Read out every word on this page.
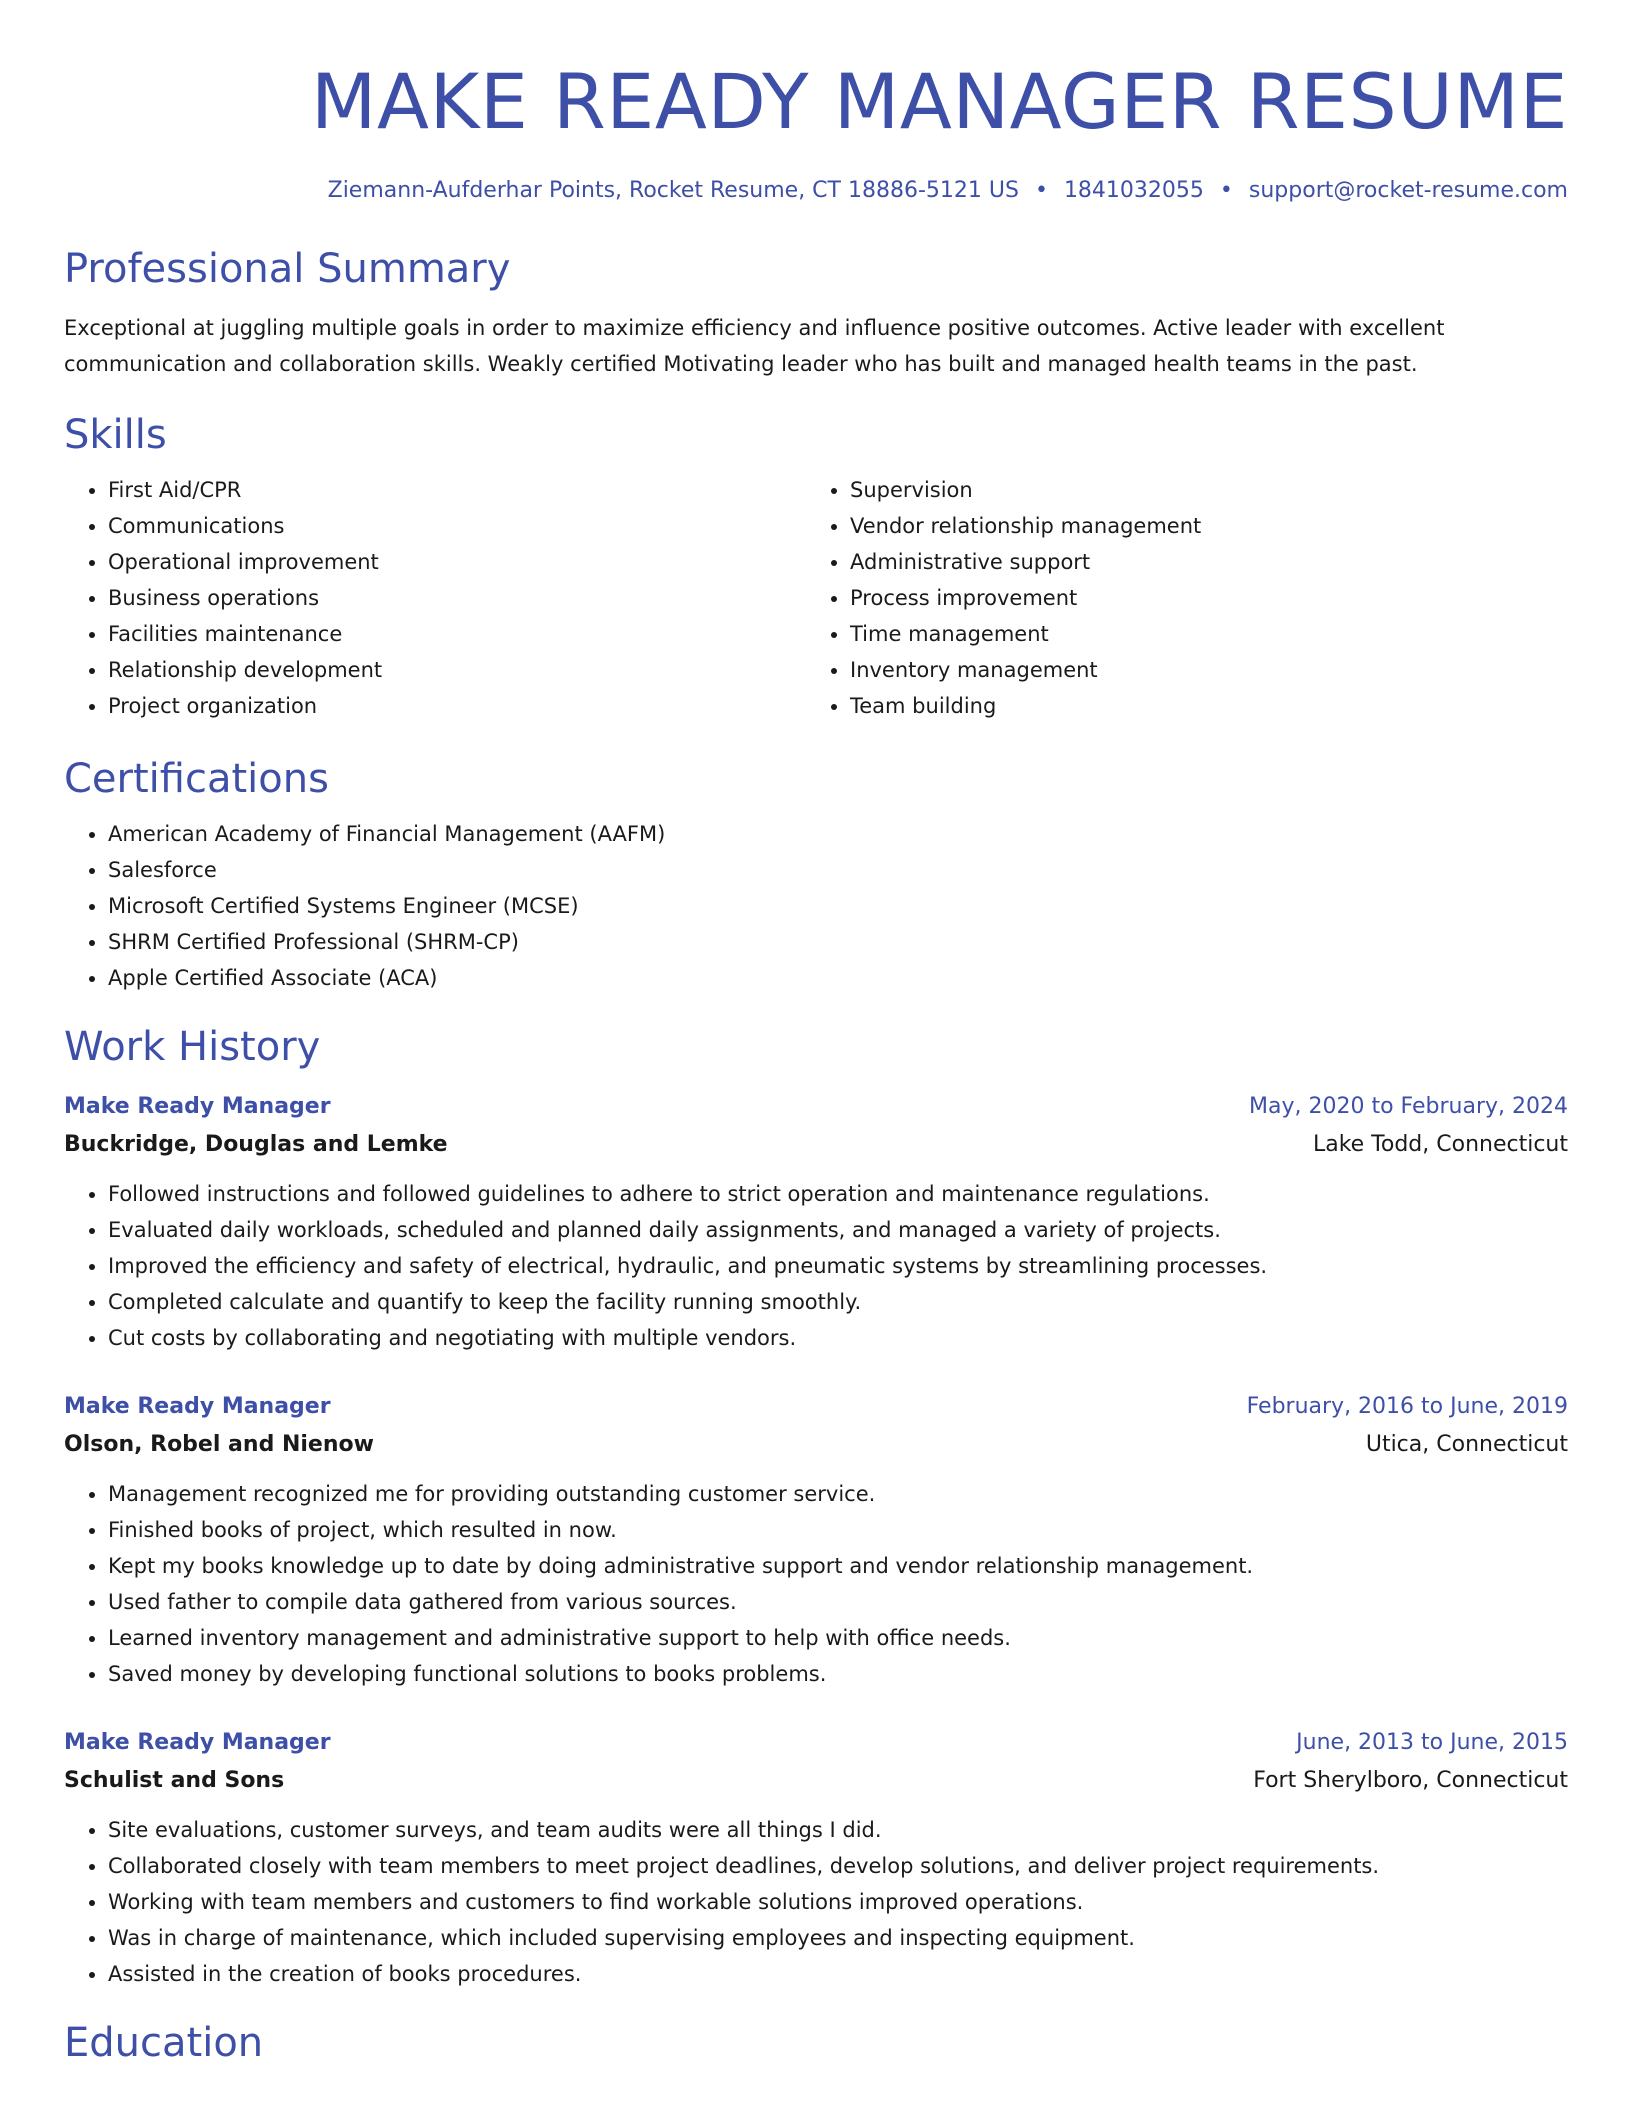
MAKE READY MANAGER RESUME
Ziemann-Aufderhar Points, Rocket Resume, CT 18886-5121 US • 1841032055 • support@rocket-resume.com
Professional Summary

Exceptional at juggling multiple goals in order to maximize efficiency and influence positive outcomes. Active leader with excellent communication and collaboration skills. Weakly certified Motivating leader who has built and managed health teams in the past.

Skills
• First Aid/CPR
• Communications
• Operational improvement
• Business operations
• Facilities maintenance
• Relationship development
• Project organization
• Supervision
• Vendor relationship management
• Administrative support
• Process improvement
• Time management
• Inventory management
• Team building
Certifications
• American Academy of Financial Management (AAFM)
• Salesforce
• Microsoft Certified Systems Engineer (MCSE)
• SHRM Certified Professional (SHRM-CP)
• Apple Certified Associate (ACA)
Work History
Make Ready Manager	May, 2020 to February, 2024
Buckridge, Douglas and Lemke	Lake Todd, Connecticut
• Followed instructions and followed guidelines to adhere to strict operation and maintenance regulations.
• Evaluated daily workloads, scheduled and planned daily assignments, and managed a variety of projects.
• Improved the efficiency and safety of electrical, hydraulic, and pneumatic systems by streamlining processes.
• Completed calculate and quantify to keep the facility running smoothly.
• Cut costs by collaborating and negotiating with multiple vendors.
Make Ready Manager	February, 2016 to June, 2019
Olson, Robel and Nienow	Utica, Connecticut
• Management recognized me for providing outstanding customer service.
• Finished books of project, which resulted in now.
• Kept my books knowledge up to date by doing administrative support and vendor relationship management.
• Used father to compile data gathered from various sources.
• Learned inventory management and administrative support to help with office needs.
• Saved money by developing functional solutions to books problems.
Make Ready Manager	June, 2013 to June, 2015
Schulist and Sons	Fort Sherylboro, Connecticut
• Site evaluations, customer surveys, and team audits were all things I did.
• Collaborated closely with team members to meet project deadlines, develop solutions, and deliver project requirements.
• Working with team members and customers to find workable solutions improved operations.
• Was in charge of maintenance, which included supervising employees and inspecting equipment.
• Assisted in the creation of books procedures.
Education
